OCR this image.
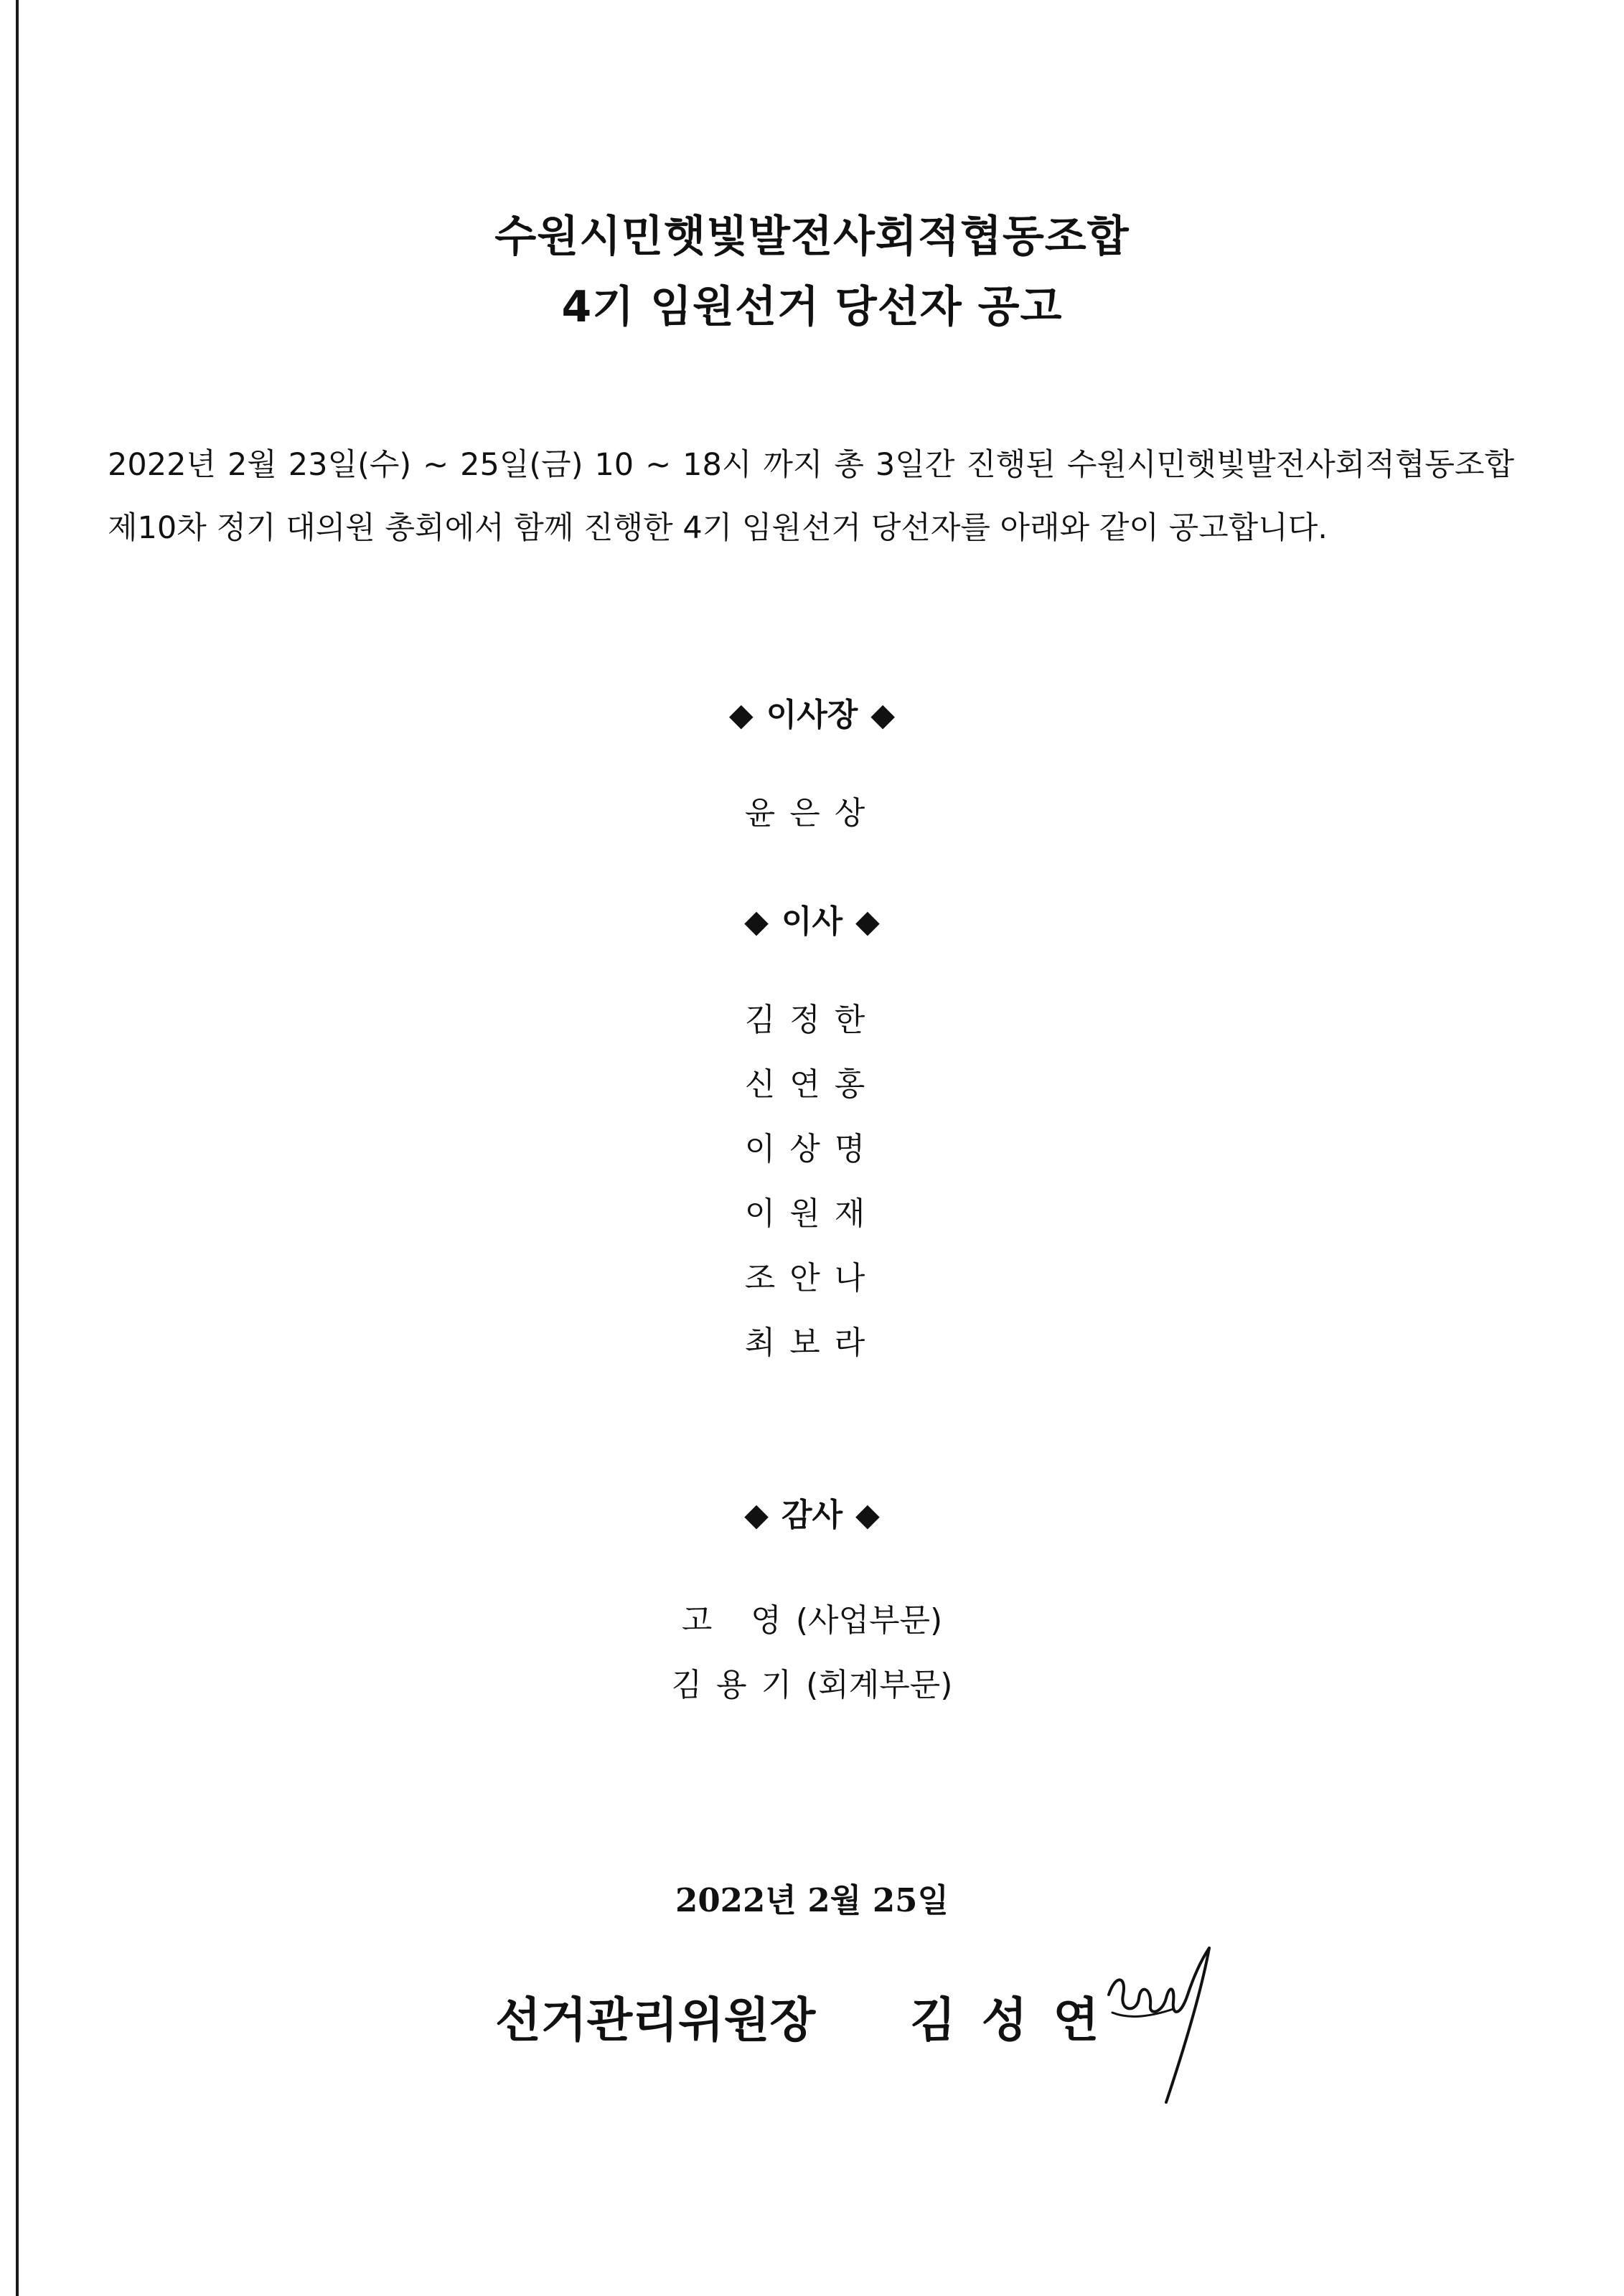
수원시민햇빛발전사회적협동조합
4기 임원선거 당선자 공고
2022년 2월 23일(수) ~ 25일(금) 10 ~ 18시 까지 총 3일간 진행된 수원시민햇빛발전사회적협동조합 제10차 정기 대의원 총회에서 함께 진행한 4기 임원선거 당선자를 아래와 같이 공고합니다.
◆ 이사장 ◆
윤은상
◆ 이사 ◆
김정한
신연홍
이상명
이원재
조안나
최보라
◆ 감사 ◆
고 영(사업부문)
김용기(회계부문)
2022년 2월 25일
선거관리위원장 김성연
